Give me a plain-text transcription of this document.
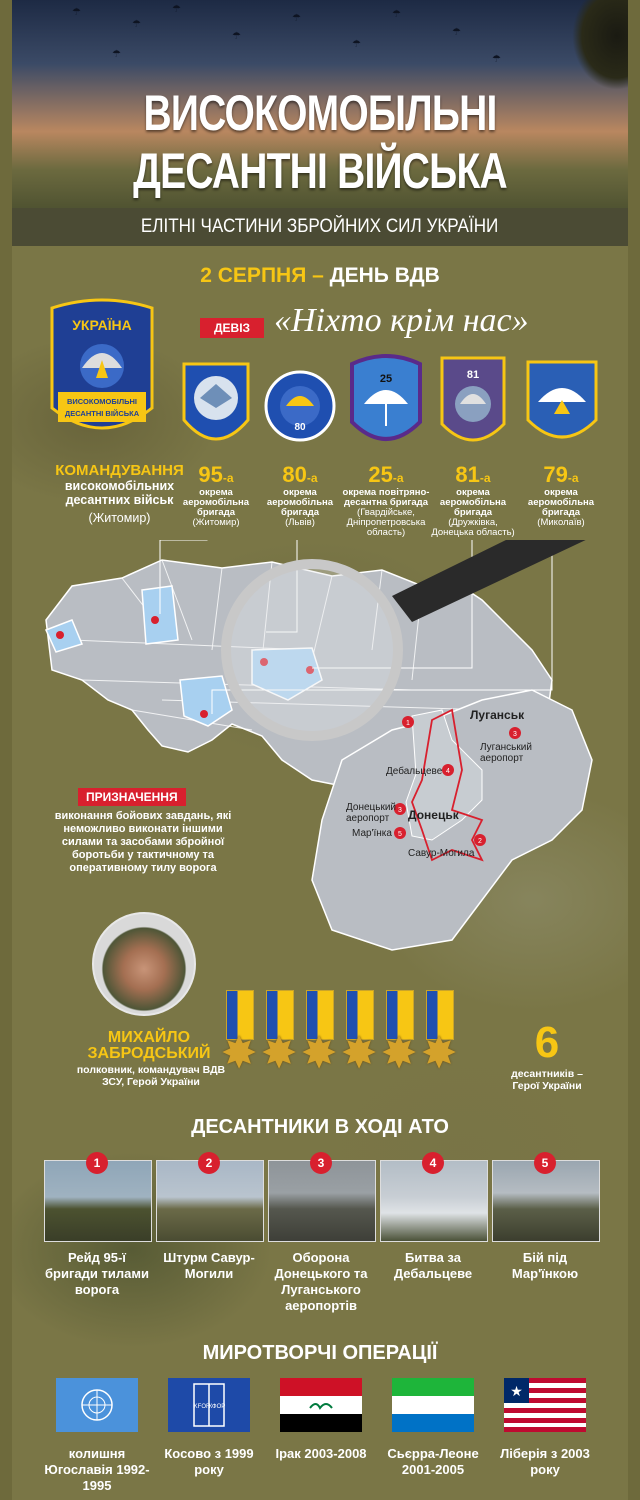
☂
☂
☂
☂
☂
☂
☂
☂
☂
☂
ВИСОКОМОБІЛЬНІ
ДЕСАНТНІ ВІЙСЬКА
ЕЛІТНІ ЧАСТИНИ ЗБРОЙНИХ СИЛ УКРАЇНИ
2 СЕРПНЯ – ДЕНЬ ВДВ
ДЕВІЗ «Ніхто крім нас»
УКРАЇНА
ВИСОКОМОБІЛЬНІ
ДЕСАНТНІ ВІЙСЬКА
КОМАНДУВАННЯ
високомобільних десантних військ
(Житомир)
80
25	81
95-а
окрема аеромобільна бригада
(Житомир)
80-а
окрема аеромобільна бригада
(Львів)
25-а
окрема повітряно-десантна бригада
(Гвардійське, Дніпропетровська область)
81-а
окрема аеромобільна бригада
(Дружківка, Донецька область)
79-а
окрема аеромобільна бригада
(Миколаїв)
1
2
3
3
4
5
Луганськ
Луганський аеропорт
Дебальцеве
Донецький аеропорт	Донецьк
Мар'їнка
Савур-Могила
ПРИЗНАЧЕННЯ
виконання бойових завдань, які неможливо виконати іншими силами та засобами збройної боротьби у тактичному та оперативному тилу ворога
МИХАЙЛО ЗАБРОДСЬКИЙ
полковник, командувач ВДВ ЗСУ, Герой України
✸ ✸ ✸ ✸ ✸ ✸	6
десантників – Герої України
ДЕСАНТНИКИ В ХОДІ АТО
1	2	3	4	5
Рейд 95-ї бригади тилами ворога
Штурм Савур-Могили
Оборона Донецького та Луганського аеропортів
Битва за Дебальцеве
Бій під Мар'їнкою
МИРОТВОРЧІ ОПЕРАЦІЇ
KFOR
КФОР
★
колишня Югославія 1992-1995
Косово з 1999 року
Ірак 2003-2008	Сьєрра-Леоне 2001-2005
Ліберія з 2003 року
